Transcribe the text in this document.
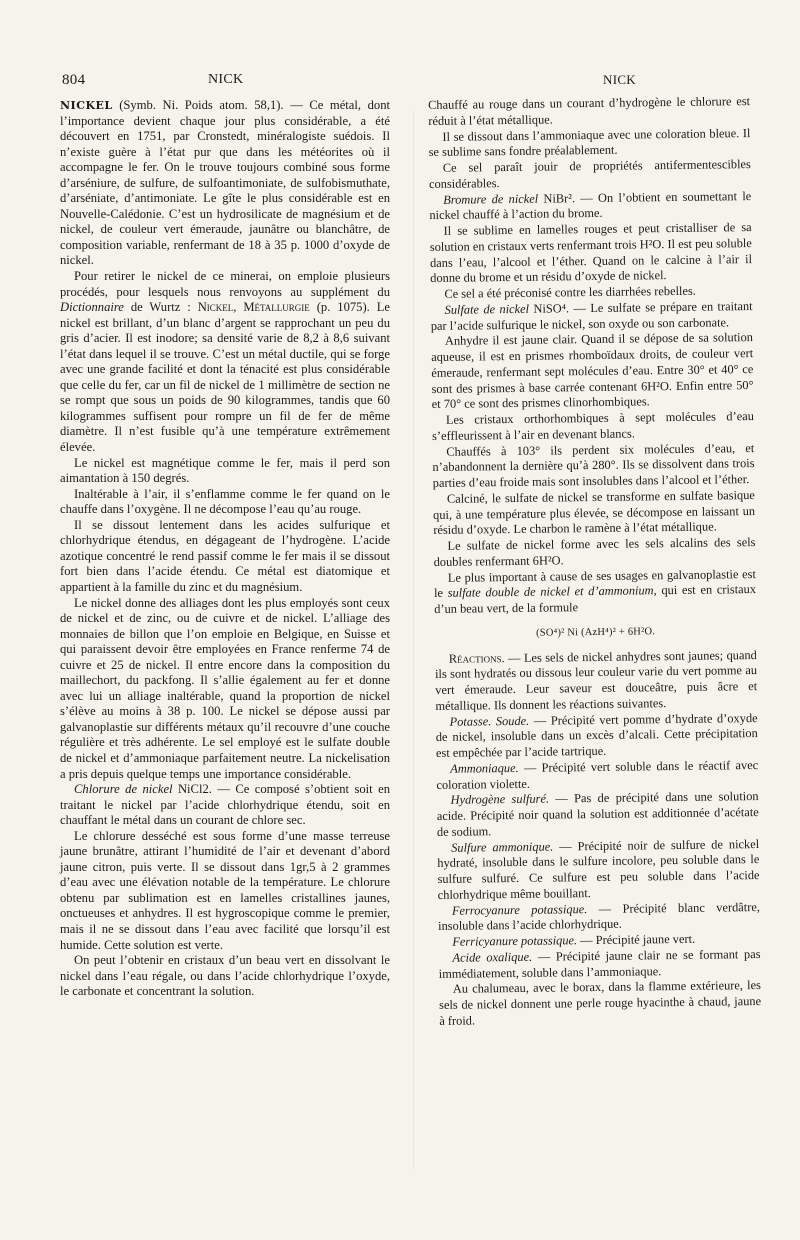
804	NICK	NICK

NICKEL (Symb. Ni. Poids atom. 58,1). — Ce métal, dont l’importance devient chaque jour plus considérable, a été découvert en 1751, par Cronstedt, minéralogiste suédois. Il n’existe guère à l’état pur que dans les météorites où il accompagne le fer. On le trouve toujours combiné sous forme d’arséniure, de sulfure, de sulfoantimoniate, de sulfobismuthate, d’arséniate, d’antimoniate. Le gîte le plus considérable est en Nouvelle-Calédonie. C’est un hydrosilicate de magnésium et de nickel, de couleur vert émeraude, jaunâtre ou blanchâtre, de composition variable, renfermant de 18 à 35 p. 1000 d’oxyde de nickel.

Pour retirer le nickel de ce minerai, on emploie plusieurs procédés, pour lesquels nous renvoyons au supplément du Dictionnaire de Wurtz : Nickel, Métallurgie (p. 1075). Le nickel est brillant, d’un blanc d’argent se rapprochant un peu du gris d’acier. Il est inodore; sa densité varie de 8,2 à 8,6 suivant l’état dans lequel il se trouve. C’est un métal ductile, qui se forge avec une grande facilité et dont la ténacité est plus considérable que celle du fer, car un fil de nickel de 1 millimètre de section ne se rompt que sous un poids de 90 kilogrammes, tandis que 60 kilogrammes suffisent pour rompre un fil de fer de même diamètre. Il n’est fusible qu’à une température extrêmement élevée.

Le nickel est magnétique comme le fer, mais il perd son aimantation à 150 degrés.

Inaltérable à l’air, il s’enflamme comme le fer quand on le chauffe dans l’oxygène. Il ne décompose l’eau qu’au rouge.

Il se dissout lentement dans les acides sulfurique et chlorhydrique étendus, en dégageant de l’hydrogène. L’acide azotique concentré le rend passif comme le fer mais il se dissout fort bien dans l’acide étendu. Ce métal est diatomique et appartient à la famille du zinc et du magnésium.

Le nickel donne des alliages dont les plus employés sont ceux de nickel et de zinc, ou de cuivre et de nickel. L’alliage des monnaies de billon que l’on emploie en Belgique, en Suisse et qui paraissent devoir être employées en France renferme 74 de cuivre et 25 de nickel. Il entre encore dans la composition du maillechort, du packfong. Il s’allie également au fer et donne avec lui un alliage inaltérable, quand la proportion de nickel s’élève au moins à 38 p. 100. Le nickel se dépose aussi par galvanoplastie sur différents métaux qu’il recouvre d’une couche régulière et très adhérente. Le sel employé est le sulfate double de nickel et d’ammoniaque parfaitement neutre. La nickelisation a pris depuis quelque temps une importance considérable.

Chlorure de nickel NiCl2. — Ce composé s’obtient soit en traitant le nickel par l’acide chlorhydrique étendu, soit en chauffant le métal dans un courant de chlore sec.

Le chlorure desséché est sous forme d’une masse terreuse jaune brunâtre, attirant l’humidité de l’air et devenant d’abord jaune citron, puis verte. Il se dissout dans 1gr,5 à 2 grammes d’eau avec une élévation notable de la température. Le chlorure obtenu par sublimation est en lamelles cristallines jaunes, onctueuses et anhydres. Il est hygroscopique comme le premier, mais il ne se dissout dans l’eau avec facilité que lorsqu’il est humide. Cette solution est verte.

On peut l’obtenir en cristaux d’un beau vert en dissolvant le nickel dans l’eau régale, ou dans l’acide chlorhydrique l’oxyde, le carbonate et concentrant la solution.

Chauffé au rouge dans un courant d’hydrogène le chlorure est réduit à l’état métallique.

Il se dissout dans l’ammoniaque avec une coloration bleue. Il se sublime sans fondre préalablement.

Ce sel paraît jouir de propriétés antifermentescibles considérables.

Bromure de nickel NiBr². — On l’obtient en soumettant le nickel chauffé à l’action du brome.

Il se sublime en lamelles rouges et peut cristalliser de sa solution en cristaux verts renfermant trois H²O. Il est peu soluble dans l’eau, l’alcool et l’éther. Quand on le calcine à l’air il donne du brome et un résidu d’oxyde de nickel.

Ce sel a été préconisé contre les diarrhées rebelles.

Sulfate de nickel NiSO⁴. — Le sulfate se prépare en traitant par l’acide sulfurique le nickel, son oxyde ou son carbonate.

Anhydre il est jaune clair. Quand il se dépose de sa solution aqueuse, il est en prismes rhomboïdaux droits, de couleur vert émeraude, renfermant sept molécules d’eau. Entre 30° et 40° ce sont des prismes à base carrée contenant 6H²O. Enfin entre 50° et 70° ce sont des prismes clinorhombiques.

Les cristaux orthorhombiques à sept molécules d’eau s’effleurissent à l’air en devenant blancs.

Chauffés à 103° ils perdent six molécules d’eau, et n’abandonnent la dernière qu’à 280°. Ils se dissolvent dans trois parties d’eau froide mais sont insolubles dans l’alcool et l’éther.

Calciné, le sulfate de nickel se transforme en sulfate basique qui, à une température plus élevée, se décompose en laissant un résidu d’oxyde. Le charbon le ramène à l’état métallique.

Le sulfate de nickel forme avec les sels alcalins des sels doubles renfermant 6H²O.

Le plus important à cause de ses usages en galvanoplastie est le sulfate double de nickel et d’ammonium, qui est en cristaux d’un beau vert, de la formule

(SO⁴)² Ni (AzH⁴)² + 6H²O.

Réactions. — Les sels de nickel anhydres sont jaunes; quand ils sont hydratés ou dissous leur couleur varie du vert pomme au vert émeraude. Leur saveur est douceâtre, puis âcre et métallique. Ils donnent les réactions suivantes.

Potasse. Soude. — Précipité vert pomme d’hydrate d’oxyde de nickel, insoluble dans un excès d’alcali. Cette précipitation est empêchée par l’acide tartrique.

Ammoniaque. — Précipité vert soluble dans le réactif avec coloration violette.

Hydrogène sulfuré. — Pas de précipité dans une solution acide. Précipité noir quand la solution est additionnée d’acétate de sodium.

Sulfure ammonique. — Précipité noir de sulfure de nickel hydraté, insoluble dans le sulfure incolore, peu soluble dans le sulfure sulfuré. Ce sulfure est peu soluble dans l’acide chlorhydrique même bouillant.

Ferrocyanure potassique. — Précipité blanc verdâtre, insoluble dans l’acide chlorhydrique.

Ferricyanure potassique. — Précipité jaune vert.

Acide oxalique. — Précipité jaune clair ne se formant pas immédiatement, soluble dans l’ammoniaque.

Au chalumeau, avec le borax, dans la flamme extérieure, les sels de nickel donnent une perle rouge hyacinthe à chaud, jaune à froid.
